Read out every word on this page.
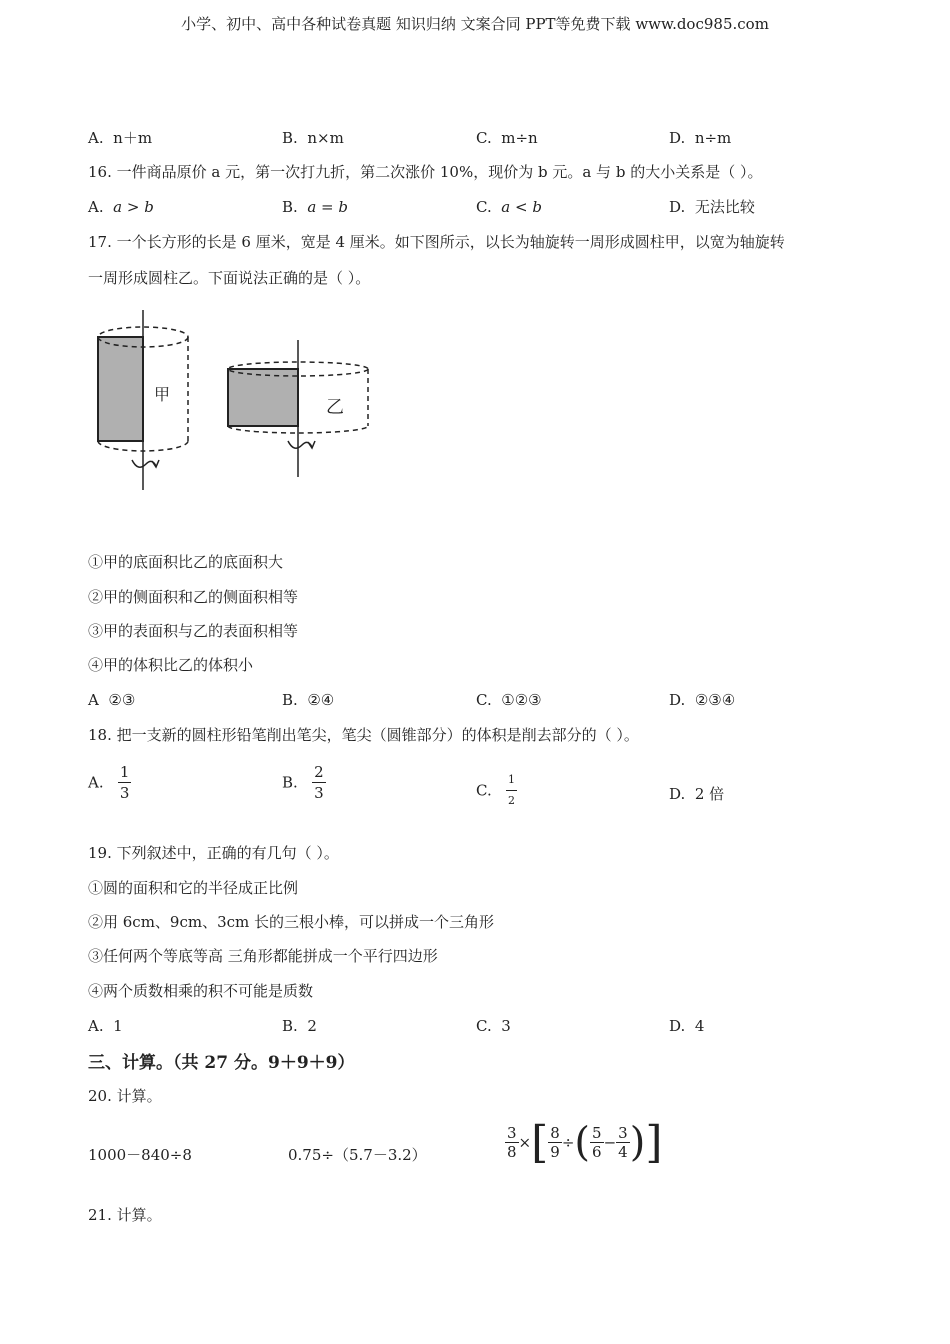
小学、初中、高中各种试卷真题 知识归纳 文案合同 PPT等免费下载 www.doc985.com
A. n＋m	B. n×m	C. m÷n	D. n÷m
16. 一件商品原价 a 元，第一次打九折，第二次涨价 10%，现价为 b 元。a 与 b 的大小关系是（ ）。
A. a > b	B. a = b	C. a < b	D. 无法比较
17. 一个长方形的长是 6 厘米，宽是 4 厘米。如下图所示，以长为轴旋转一周形成圆柱甲，以宽为轴旋转
一周形成圆柱乙。下面说法正确的是（ ）。
甲
乙
①甲的底面积比乙的底面积大
②甲的侧面积和乙的侧面积相等
③甲的表面积与乙的表面积相等
④甲的体积比乙的体积小
A ②③	B. ②④	C. ①②③	D. ②③④
18. 把一支新的圆柱形铅笔削出笔尖，笔尖（圆锥部分）的体积是削去部分的（ ）。
A. $\frac{1}{3}$	B. $\frac{2}{3}$	C. $\frac{1}{2}$	D. 2 倍
19. 下列叙述中，正确的有几句（ ）。
①圆的面积和它的半径成正比例
②用 6cm、9cm、3cm 长的三根小棒，可以拼成一个三角形
③任何两个等底等高 三角形都能拼成一个平行四边形
④两个质数相乘的积不可能是质数
A. 1	B. 2	C. 3	D. 4
三、计算。（共 27 分。9＋9＋9）
20. 计算。
1000－840÷8	0.75÷（5.7－3.2）	$\frac{3}{8}$ ×[ $\frac{8}{9}$ ÷( $\frac{5}{6} - \frac{3}{4}$ )]
21. 计算。
